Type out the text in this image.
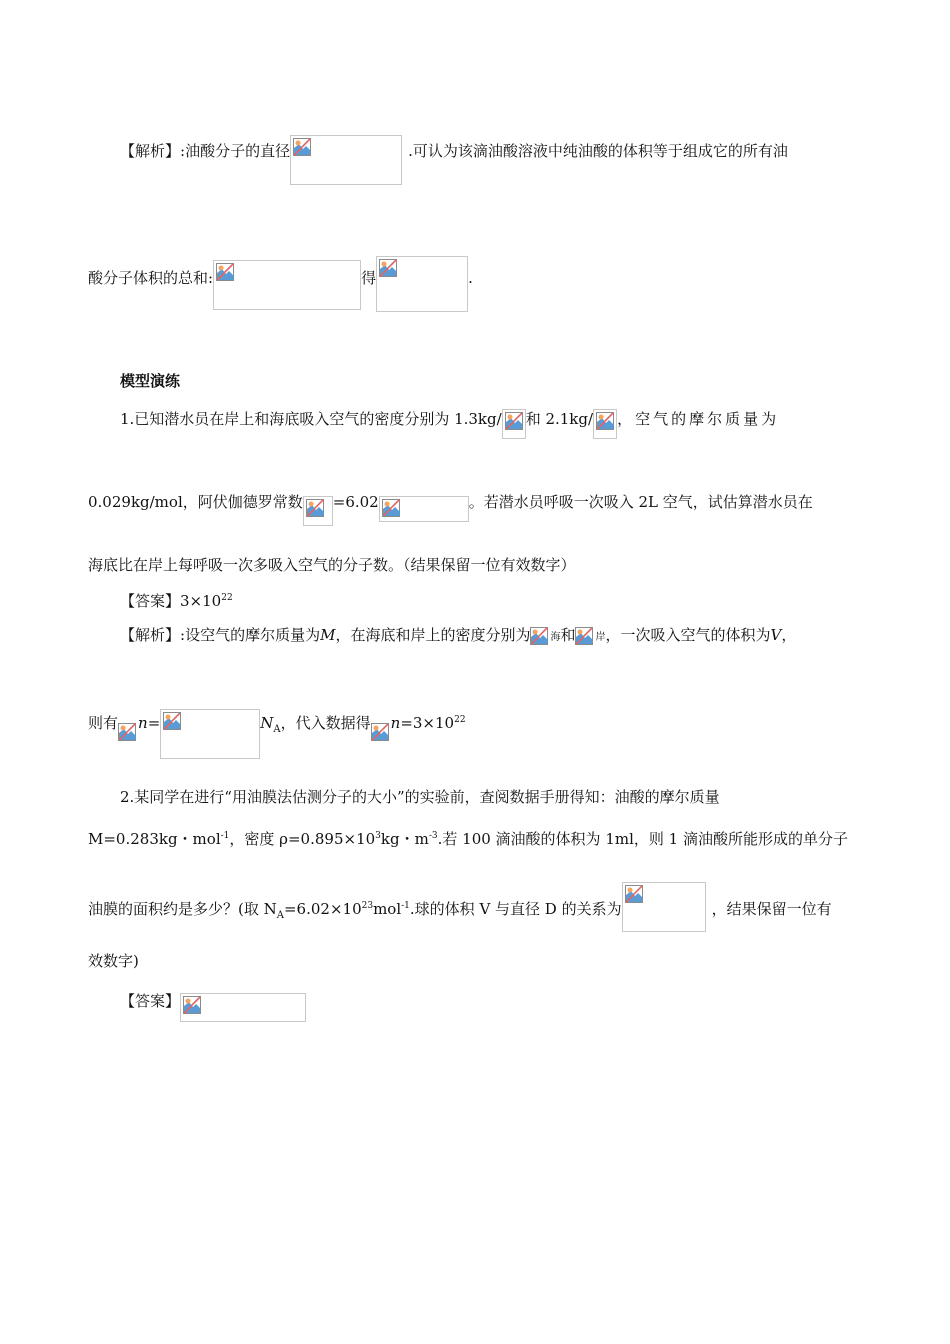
【解析】:油酸分子的直径	.可认为该滴油酸溶液中纯油酸的体积等于组成它的所有油
酸分子体积的总和:	得	.
模型演练
1.已知潜水员在岸上和海底吸入空气的密度分别为 1.3kg/ 和 2.1kg/ ，空气的摩尔质量为
0.029kg/mol，阿伏伽德罗常数 =6.02	。若潜水员呼吸一次吸入 2L 空气，试估算潜水员在
海底比在岸上每呼吸一次多吸入空气的分子数。（结果保留一位有效数字）
【答案】$3\times 10^{22}$
【解析】:设空气的摩尔质量为M，在海底和岸上的密度分别为 海和 岸，一次吸入空气的体积为V，
则有 n=	$N_A$，代入数据得 $n=3\times 10^{22}$
2.某同学在进行“用油膜法估测分子的大小”的实验前，查阅数据手册得知：油酸的摩尔质量
M=0.283kg・mol$^{-1}$，密度 $\rho=0.895\times 10^3kg$・$m^{-3}$.若 100 滴油酸的体积为 1ml，则 1 滴油酸所能形成的单分子
油膜的面积约是多少？(取 $N_A=6.02\times 10^{23}mol^{-1}$.球的体积 V 与直径 D 的关系为	，结果保留一位有
效数字)
【答案】
